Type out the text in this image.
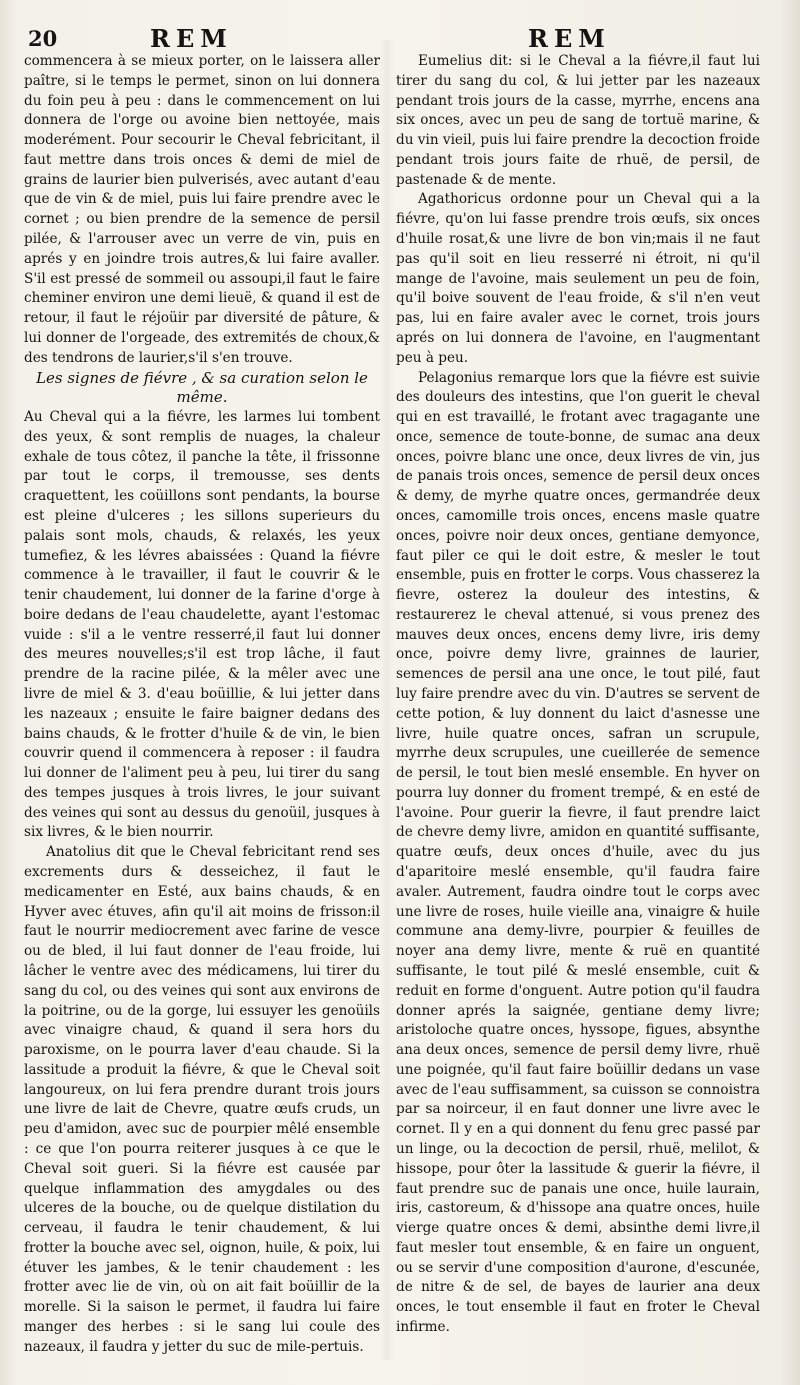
20	REM	REM

commencera à se mieux porter, on le laissera aller paître, si le temps le permet, sinon on lui donnera du foin peu à peu : dans le commencement on lui donnera de l'orge ou avoine bien nettoyée, mais moderément. Pour secourir le Cheval febricitant, il faut mettre dans trois onces & demi de miel de grains de laurier bien pulverisés, avec autant d'eau que de vin & de miel, puis lui faire prendre avec le cornet ; ou bien prendre de la semence de persil pilée, & l'arrouser avec un verre de vin, puis en aprés y en joindre trois autres,& lui faire avaller. S'il est pressé de sommeil ou assoupi,il faut le faire cheminer environ une demi lieuë, & quand il est de retour, il faut le réjoüir par diversité de pâture, & lui donner de l'orgeade, des extremités de choux,& des tendrons de laurier,s'il s'en trouve.

Les signes de fiévre , & sa curation selon le même.

Au Cheval qui a la fiévre, les larmes lui tombent des yeux, & sont remplis de nuages, la chaleur exhale de tous côtez, il panche la tête, il frissonne par tout le corps, il tremousse, ses dents craquettent, les coüillons sont pendants, la bourse est pleine d'ulceres ; les sillons superieurs du palais sont mols, chauds, & relaxés, les yeux tumefiez, & les lévres abaissées : Quand la fiévre commence à le travailler, il faut le couvrir & le tenir chaudement, lui donner de la farine d'orge à boire dedans de l'eau chaudelette, ayant l'estomac vuide : s'il a le ventre resserré,il faut lui donner des meures nouvelles;s'il est trop lâche, il faut prendre de la racine pilée, & la mêler avec une livre de miel & 3. d'eau boüillie, & lui jetter dans les nazeaux ; ensuite le faire baigner dedans des bains chauds, & le frotter d'huile & de vin, le bien couvrir quend il commencera à reposer : il faudra lui donner de l'aliment peu à peu, lui tirer du sang des tempes jusques à trois livres, le jour suivant des veines qui sont au dessus du genoüil, jusques à six livres, & le bien nourrir.

Anatolius dit que le Cheval febricitant rend ses excrements durs & desseichez, il faut le medicamenter en Esté, aux bains chauds, & en Hyver avec étuves, afin qu'il ait moins de frisson:il faut le nourrir mediocrement avec farine de vesce ou de bled, il lui faut donner de l'eau froide, lui lâcher le ventre avec des médicamens, lui tirer du sang du col, ou des veines qui sont aux environs de la poitrine, ou de la gorge, lui essuyer les genoüils avec vinaigre chaud, & quand il sera hors du paroxisme, on le pourra laver d'eau chaude. Si la lassitude a produit la fiévre, & que le Cheval soit langoureux, on lui fera prendre durant trois jours une livre de lait de Chevre, quatre œufs cruds, un peu d'amidon, avec suc de pourpier mêlé ensemble : ce que l'on pourra reiterer jusques à ce que le Cheval soit gueri. Si la fiévre est causée par quelque inflammation des amygdales ou des ulceres de la bouche, ou de quelque distilation du cerveau, il faudra le tenir chaudement, & lui frotter la bouche avec sel, oignon, huile, & poix, lui étuver les jambes, & le tenir chaudement : les frotter avec lie de vin, où on ait fait boüillir de la morelle. Si la saison le permet, il faudra lui faire manger des herbes : si le sang lui coule des nazeaux, il faudra y jetter du suc de mile-pertuis.

Eumelius dit: si le Cheval a la fiévre,il faut lui tirer du sang du col, & lui jetter par les nazeaux pendant trois jours de la casse, myrrhe, encens ana six onces, avec un peu de sang de tortuë marine, & du vin vieil, puis lui faire prendre la decoction froide pendant trois jours faite de rhuë, de persil, de pastenade & de mente.

Agathoricus ordonne pour un Cheval qui a la fiévre, qu'on lui fasse prendre trois œufs, six onces d'huile rosat,& une livre de bon vin;mais il ne faut pas qu'il soit en lieu resserré ni étroit, ni qu'il mange de l'avoine, mais seulement un peu de foin, qu'il boive souvent de l'eau froide, & s'il n'en veut pas, lui en faire avaler avec le cornet, trois jours aprés on lui donnera de l'avoine, en l'augmentant peu à peu.

Pelagonius remarque lors que la fiévre est suivie des douleurs des intestins, que l'on guerit le cheval qui en est travaillé, le frotant avec tragagante une once, semence de toute-bonne, de sumac ana deux onces, poivre blanc une once, deux livres de vin, jus de panais trois onces, semence de persil deux onces & demy, de myrhe quatre onces, germandrée deux onces, camomille trois onces, encens masle quatre onces, poivre noir deux onces, gentiane demyonce, faut piler ce qui le doit estre, & mesler le tout ensemble, puis en frotter le corps. Vous chasserez la fievre, osterez la douleur des intestins, & restaurerez le cheval attenué, si vous prenez des mauves deux onces, encens demy livre, iris demy once, poivre demy livre, grainnes de laurier, semences de persil ana une once, le tout pilé, faut luy faire prendre avec du vin. D'autres se servent de cette potion, & luy donnent du laict d'asnesse une livre, huile quatre onces, safran un scrupule, myrrhe deux scrupules, une cueillerée de semence de persil, le tout bien meslé ensemble. En hyver on pourra luy donner du froment trempé, & en esté de l'avoine. Pour guerir la fievre, il faut prendre laict de chevre demy livre, amidon en quantité suffisante, quatre œufs, deux onces d'huile, avec du jus d'aparitoire meslé ensemble, qu'il faudra faire avaler. Autrement, faudra oindre tout le corps avec une livre de roses, huile vieille ana, vinaigre & huile commune ana demy-livre, pourpier & feuilles de noyer ana demy livre, mente & ruë en quantité suffisante, le tout pilé & meslé ensemble, cuit & reduit en forme d'onguent. Autre potion qu'il faudra donner aprés la saignée, gentiane demy livre; aristoloche quatre onces, hyssope, figues, absynthe ana deux onces, semence de persil demy livre, rhuë une poignée, qu'il faut faire boüillir dedans un vase avec de l'eau suffisamment, sa cuisson se connoistra par sa noirceur, il en faut donner une livre avec le cornet. Il y en a qui donnent du fenu grec passé par un linge, ou la decoction de persil, rhuë, melilot, & hissope, pour ôter la lassitude & guerir la fiévre, il faut prendre suc de panais une once, huile laurain, iris, castoreum, & d'hissope ana quatre onces, huile vierge quatre onces & demi, absinthe demi livre,il faut mesler tout ensemble, & en faire un onguent, ou se servir d'une composition d'aurone, d'escunée, de nitre & de sel, de bayes de laurier ana deux onces, le tout ensemble il faut en froter le Cheval infirme.
